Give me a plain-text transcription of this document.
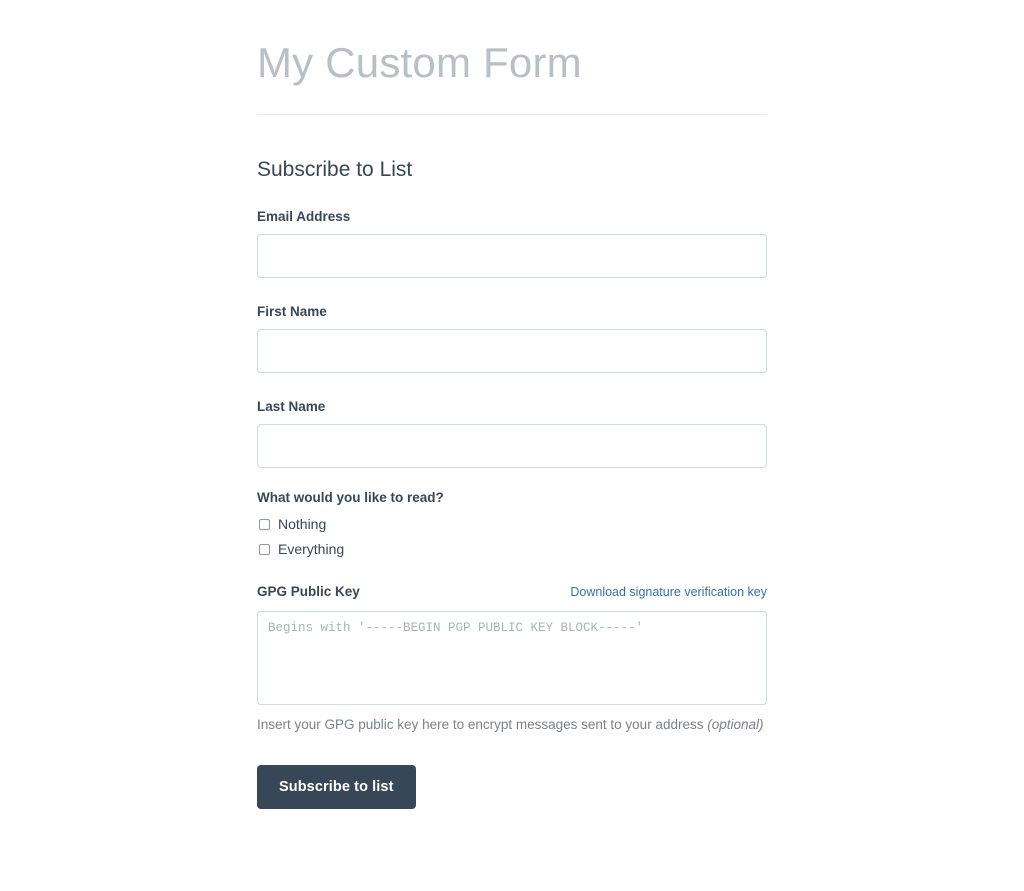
My Custom Form
Subscribe to List
Email Address
First Name
Last Name
What would you like to read?
Nothing
Everything
GPG Public Key	Download signature verification key
Begins with '-----BEGIN PGP PUBLIC KEY BLOCK-----'
Insert your GPG public key here to encrypt messages sent to your address (optional)
Subscribe to list
